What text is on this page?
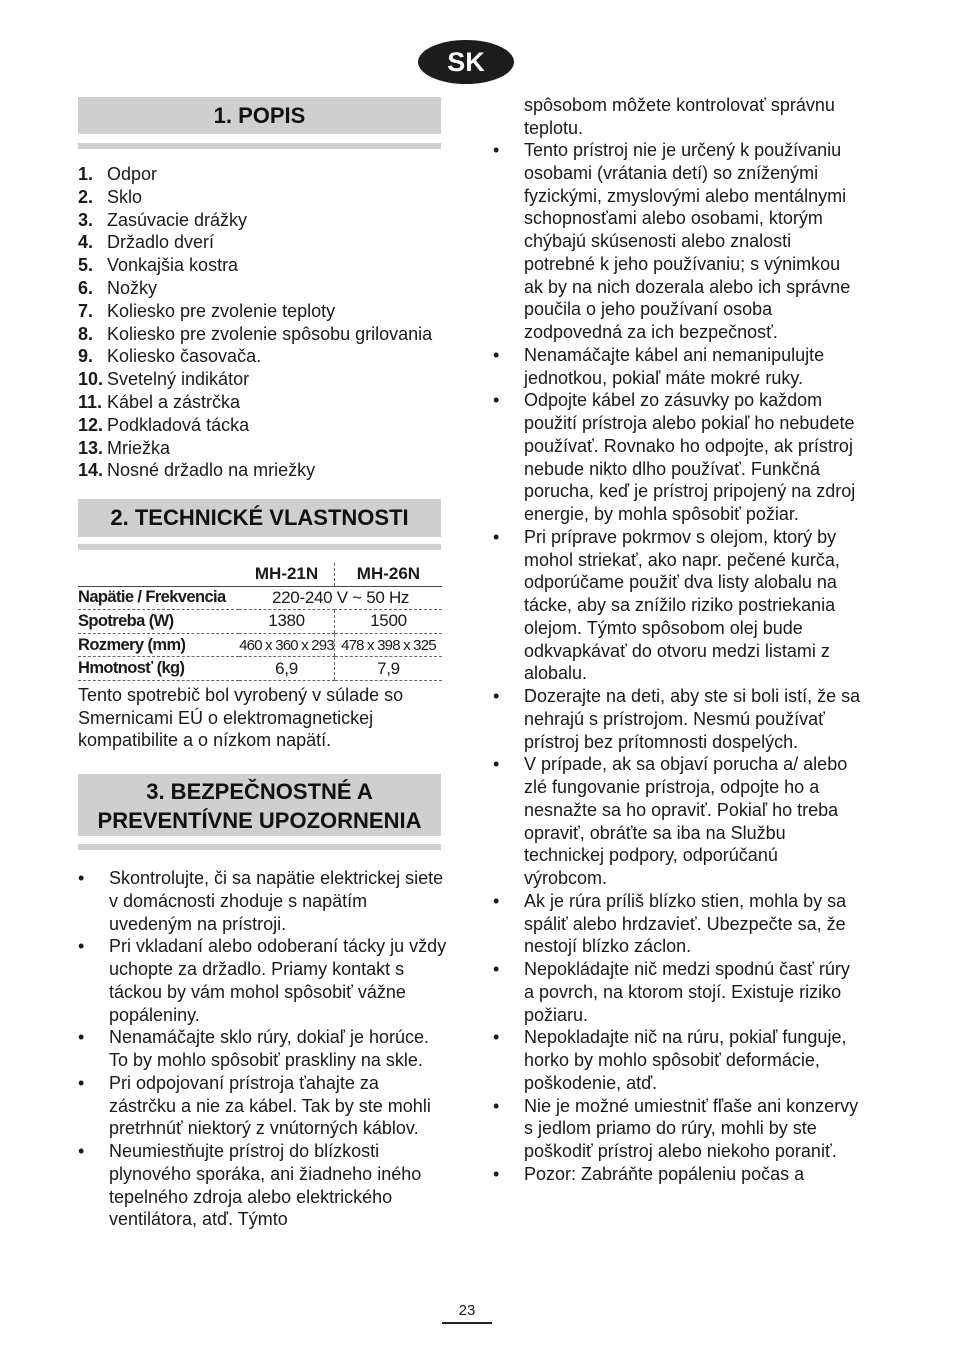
SK
1. POPIS
1. Odpor
2. Sklo
3. Zasúvacie drážky
4. Držadlo dverí
5. Vonkajšia kostra
6. Nožky
7. Koliesko pre zvolenie teploty
8. Koliesko pre zvolenie spôsobu grilovania
9. Koliesko časovača.
10. Svetelný indikátor
11. Kábel a zástrčka
12. Podkladová tácka
13. Mriežka
14. Nosné držadlo na mriežky
2. TECHNICKÉ VLASTNOSTI
	MH-21N	MH-26N
Napätie / Frekvencia	220-240 V ~ 50 Hz	
Spotreba (W)	1380	1500
Rozmery (mm)	460 x 360 x 293	478 x 398 x 325
Hmotnosť (kg)	6,9	7,9

Tento spotrebič bol vyrobený v súlade so Smernicami EÚ o elektromagnetickej kompatibilite a o nízkom napätí.

3. BEZPEČNOSTNÉ A
PREVENTÍVNE UPOZORNENIA
•	Skontrolujte, či sa napätie elektrickej siete v domácnosti zhoduje s napätím uvedeným na prístroji.
•	Pri vkladaní alebo odoberaní tácky ju vždy uchopte za držadlo. Priamy kontakt s táckou by vám mohol spôsobiť vážne popáleniny.
•	Nenamáčajte sklo rúry, dokiaľ je horúce. To by mohlo spôsobiť praskliny na skle.
•	Pri odpojovaní prístroja ťahajte za zástrčku a nie za kábel. Tak by ste mohli pretrhnúť niektorý z vnútorných káblov.
•	Neumiestňujte prístroj do blízkosti plynového sporáka, ani žiadneho iného tepelného zdroja alebo elektrického ventilátora, atď. Týmto

spôsobom môžete kontrolovať správnu teplotu.

•	Tento prístroj nie je určený k používaniu osobami (vrátania detí) so zníženými fyzickými, zmyslovými alebo mentálnymi schopnosťami alebo osobami, ktorým chýbajú skúsenosti alebo znalosti potrebné k jeho používaniu; s výnimkou ak by na nich dozerala alebo ich správne poučila o jeho používaní osoba zodpovedná za ich bezpečnosť.
•	Nenamáčajte kábel ani nemanipulujte jednotkou, pokiaľ máte mokré ruky.
•	Odpojte kábel zo zásuvky po každom použití prístroja alebo pokiaľ ho nebudete používať. Rovnako ho odpojte, ak prístroj nebude nikto dlho používať. Funkčná porucha, keď je prístroj pripojený na zdroj energie, by mohla spôsobiť požiar.
•	Pri príprave pokrmov s olejom, ktorý by mohol striekať, ako napr. pečené kurča, odporúčame použiť dva listy alobalu na tácke, aby sa znížilo riziko postriekania olejom. Týmto spôsobom olej bude odkvapkávať do otvoru medzi listami z alobalu.
•	Dozerajte na deti, aby ste si boli istí, že sa nehrajú s prístrojom. Nesmú používať prístroj bez prítomnosti dospelých.
•	V prípade, ak sa objaví porucha a/ alebo zlé fungovanie prístroja, odpojte ho a nesnažte sa ho opraviť. Pokiaľ ho treba opraviť, obráťte sa iba na Službu technickej podpory, odporúčanú výrobcom.
•	Ak je rúra príliš blízko stien, mohla by sa spáliť alebo hrdzavieť. Ubezpečte sa, že nestojí blízko záclon.
•	Nepokládajte nič medzi spodnú časť rúry a povrch, na ktorom stojí. Existuje riziko požiaru.
•	Nepokladajte nič na rúru, pokiaľ funguje, horko by mohlo spôsobiť deformácie, poškodenie, atď.
•	Nie je možné umiestniť fľaše ani konzervy s jedlom priamo do rúry, mohli by ste poškodiť prístroj alebo niekoho poraniť.
•	Pozor: Zabráňte popáleniu počas a
23
